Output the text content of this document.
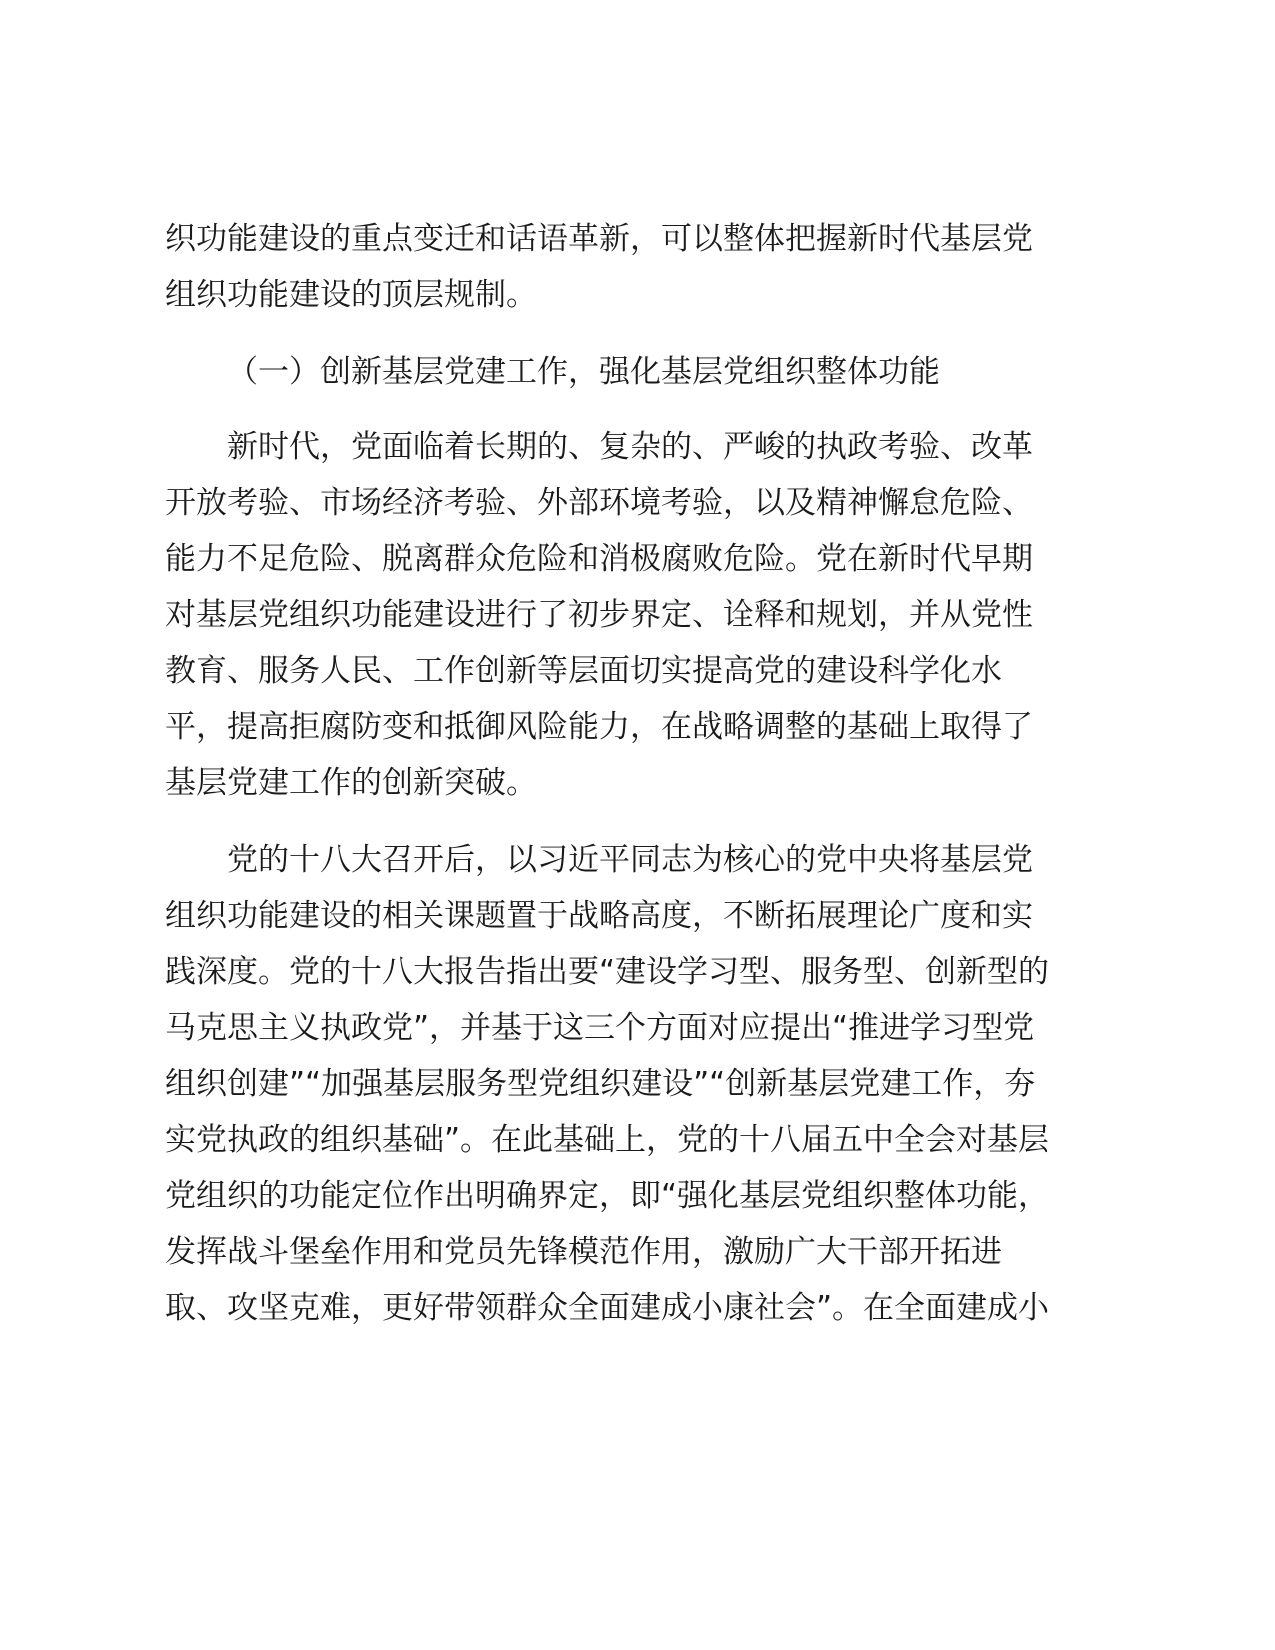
织功能建设的重点变迁和话语革新，可以整体把握新时代基层党
组织功能建设的顶层规制。
（一）创新基层党建工作，强化基层党组织整体功能
新时代，党面临着长期的、复杂的、严峻的执政考验、改革
开放考验、市场经济考验、外部环境考验，以及精神懈怠危险、
能力不足危险、脱离群众危险和消极腐败危险。党在新时代早期
对基层党组织功能建设进行了初步界定、诠释和规划，并从党性
教育、服务人民、工作创新等层面切实提高党的建设科学化水
平，提高拒腐防变和抵御风险能力，在战略调整的基础上取得了
基层党建工作的创新突破。
党的十八大召开后，以习近平同志为核心的党中央将基层党
组织功能建设的相关课题置于战略高度，不断拓展理论广度和实
践深度。党的十八大报告指出要“建设学习型、服务型、创新型的
马克思主义执政党”，并基于这三个方面对应提出“推进学习型党
组织创建”“加强基层服务型党组织建设”“创新基层党建工作，夯
实党执政的组织基础”。在此基础上，党的十八届五中全会对基层
党组织的功能定位作出明确界定，即“强化基层党组织整体功能，
发挥战斗堡垒作用和党员先锋模范作用，激励广大干部开拓进
取、攻坚克难，更好带领群众全面建成小康社会”。在全面建成小
